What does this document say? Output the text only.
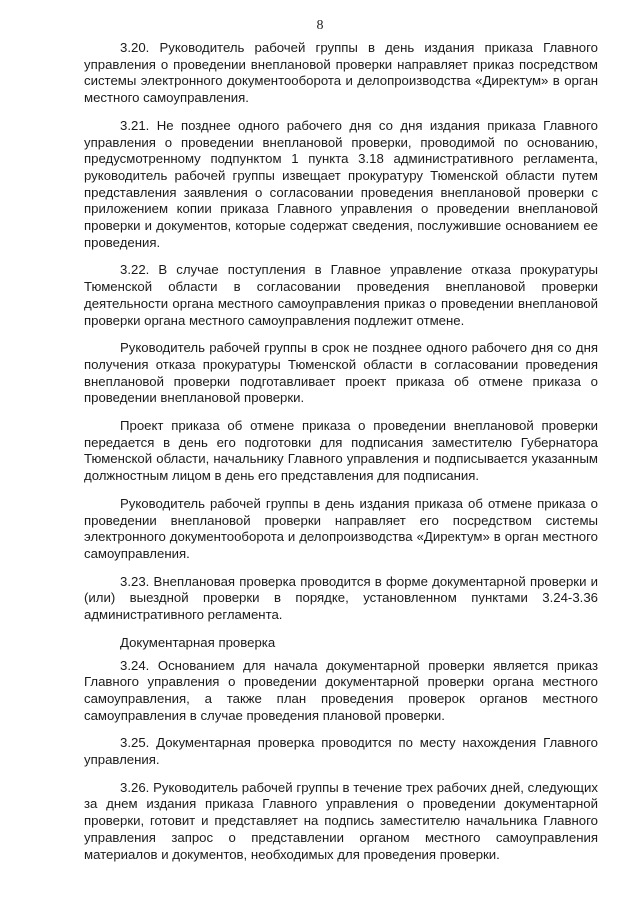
8

3.20. Руководитель рабочей группы в день издания приказа Главного управления о проведении внеплановой проверки направляет приказ посредством системы электронного документооборота и делопроизводства «Директум» в орган местного самоуправления.

3.21. Не позднее одного рабочего дня со дня издания приказа Главного управления о проведении внеплановой проверки, проводимой по основанию, предусмотренному подпунктом 1 пункта 3.18 административного регламента, руководитель рабочей группы извещает прокуратуру Тюменской области путем представления заявления о согласовании проведения внеплановой проверки с приложением копии приказа Главного управления о проведении внеплановой проверки и документов, которые содержат сведения, послужившие основанием ее проведения.

3.22. В случае поступления в Главное управление отказа прокуратуры Тюменской области в согласовании проведения внеплановой проверки деятельности органа местного самоуправления приказ о проведении внеплановой проверки органа местного самоуправления подлежит отмене.

Руководитель рабочей группы в срок не позднее одного рабочего дня со дня получения отказа прокуратуры Тюменской области в согласовании проведения внеплановой проверки подготавливает проект приказа об отмене приказа о проведении внеплановой проверки.

Проект приказа об отмене приказа о проведении внеплановой проверки передается в день его подготовки для подписания заместителю Губернатора Тюменской области, начальнику Главного управления и подписывается указанным должностным лицом в день его представления для подписания.

Руководитель рабочей группы в день издания приказа об отмене приказа о проведении внеплановой проверки направляет его посредством системы электронного документооборота и делопроизводства «Директум» в орган местного самоуправления.

3.23. Внеплановая проверка проводится в форме документарной проверки и (или) выездной проверки в порядке, установленном пунктами 3.24-3.36 административного регламента.

Документарная проверка

3.24. Основанием для начала документарной проверки является приказ Главного управления о проведении документарной проверки органа местного самоуправления, а также план проведения проверок органов местного самоуправления в случае проведения плановой проверки.

3.25. Документарная проверка проводится по месту нахождения Главного управления.

3.26. Руководитель рабочей группы в течение трех рабочих дней, следующих за днем издания приказа Главного управления о проведении документарной проверки, готовит и представляет на подпись заместителю начальника Главного управления запрос о представлении органом местного самоуправления материалов и документов, необходимых для проведения проверки.
